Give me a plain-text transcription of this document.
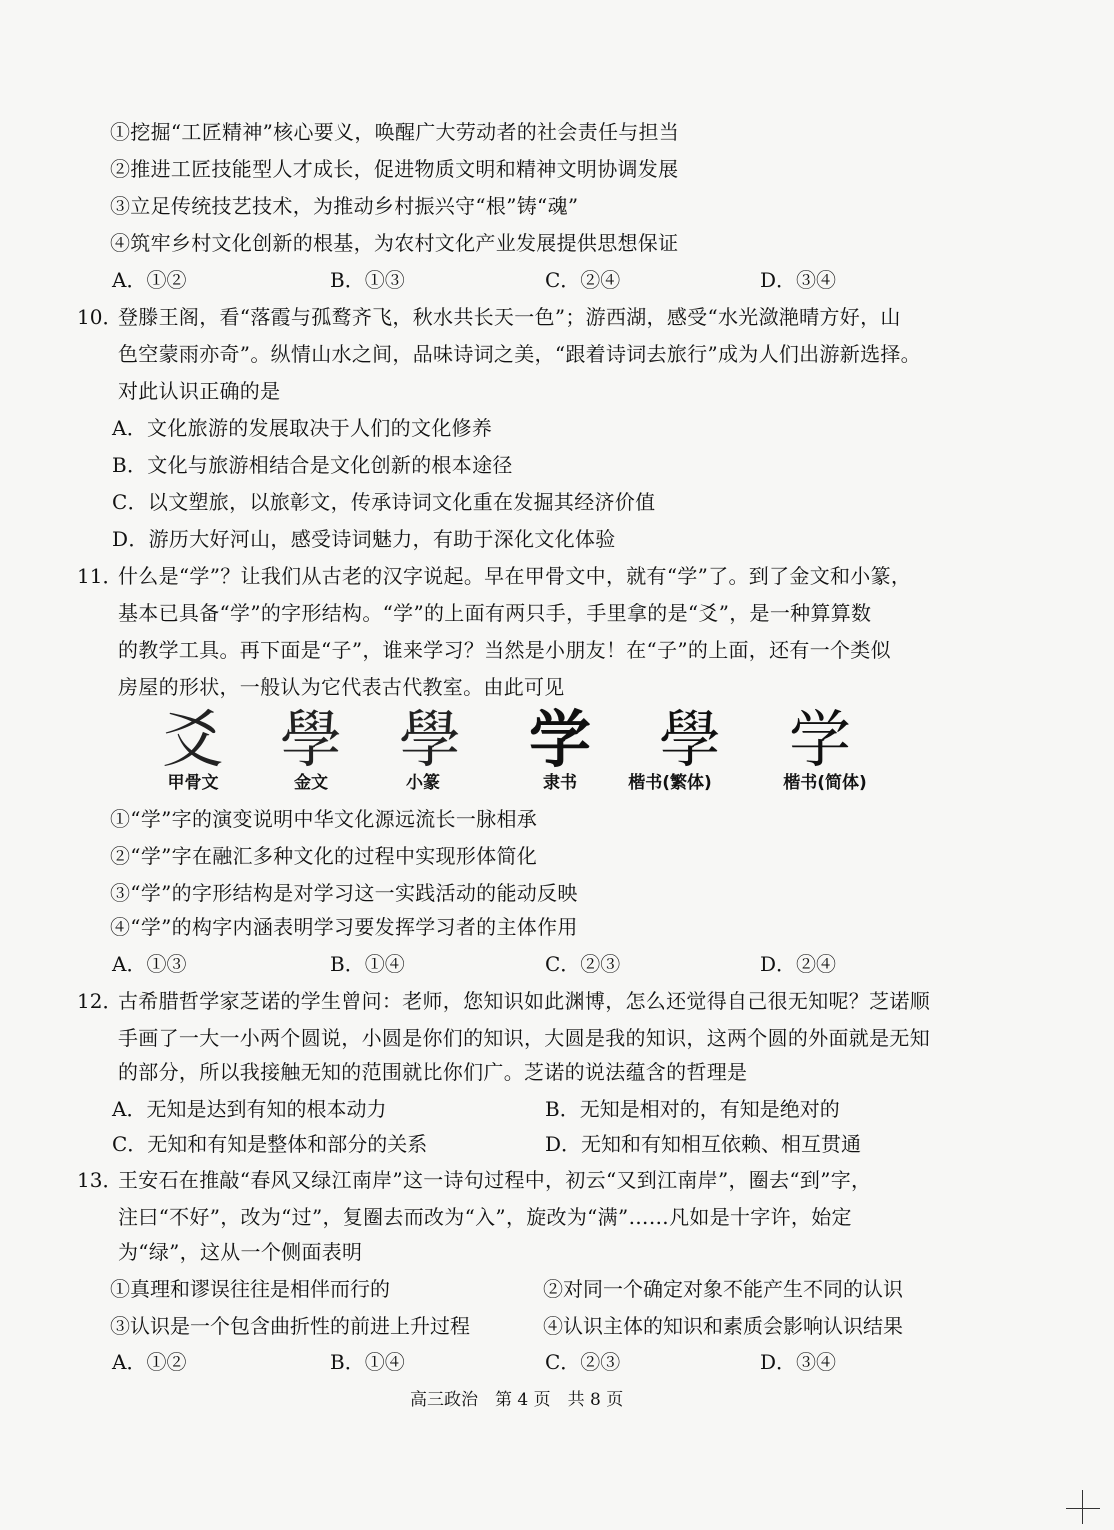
①挖掘“工匠精神”核心要义，唤醒广大劳动者的社会责任与担当
②推进工匠技能型人才成长，促进物质文明和精神文明协调发展
③立足传统技艺技术，为推动乡村振兴守“根”铸“魂”
④筑牢乡村文化创新的根基，为农村文化产业发展提供思想保证
A．①②	B．①③	C．②④	D．③④
10．
登滕王阁，看“落霞与孤鹜齐飞，秋水共长天一色”；游西湖，感受“水光潋滟晴方好，山
色空蒙雨亦奇”。纵情山水之间，品味诗词之美，“跟着诗词去旅行”成为人们出游新选择。
对此认识正确的是
A．文化旅游的发展取决于人们的文化修养
B．文化与旅游相结合是文化创新的根本途径
C．以文塑旅，以旅彰文，传承诗词文化重在发掘其经济价值
D．游历大好河山，感受诗词魅力，有助于深化文化体验
11．
什么是“学”？让我们从古老的汉字说起。早在甲骨文中，就有“学”了。到了金文和小篆，
基本已具备“学”的字形结构。“学”的上面有两只手，手里拿的是“爻”，是一种算算数
的教学工具。再下面是“子”，谁来学习？当然是小朋友！在“子”的上面，还有一个类似
房屋的形状，一般认为它代表古代教室。由此可见
爻 學 學	学	學	学
甲骨文	金文	小篆	隶书	楷书(繁体)	楷书(简体)
①“学”字的演变说明中华文化源远流长一脉相承
②“学”字在融汇多种文化的过程中实现形体简化
③“学”的字形结构是对学习这一实践活动的能动反映
④“学”的构字内涵表明学习要发挥学习者的主体作用
A．①③	B．①④	C．②③	D．②④
12．
古希腊哲学家芝诺的学生曾问：老师，您知识如此渊博，怎么还觉得自己很无知呢？芝诺顺
手画了一大一小两个圆说，小圆是你们的知识，大圆是我的知识，这两个圆的外面就是无知
的部分，所以我接触无知的范围就比你们广。芝诺的说法蕴含的哲理是
A．无知是达到有知的根本动力	B．无知是相对的，有知是绝对的
C．无知和有知是整体和部分的关系	D．无知和有知相互依赖、相互贯通
13．
王安石在推敲“春风又绿江南岸”这一诗句过程中，初云“又到江南岸”，圈去“到”字，
注曰“不好”，改为“过”，复圈去而改为“入”，旋改为“满”……凡如是十字许，始定
为“绿”，这从一个侧面表明
①真理和谬误往往是相伴而行的	②对同一个确定对象不能产生不同的认识
③认识是一个包含曲折性的前进上升过程	④认识主体的知识和素质会影响认识结果
A．①②	B．①④	C．②③	D．③④
高三政治　第 4 页　共 8 页
